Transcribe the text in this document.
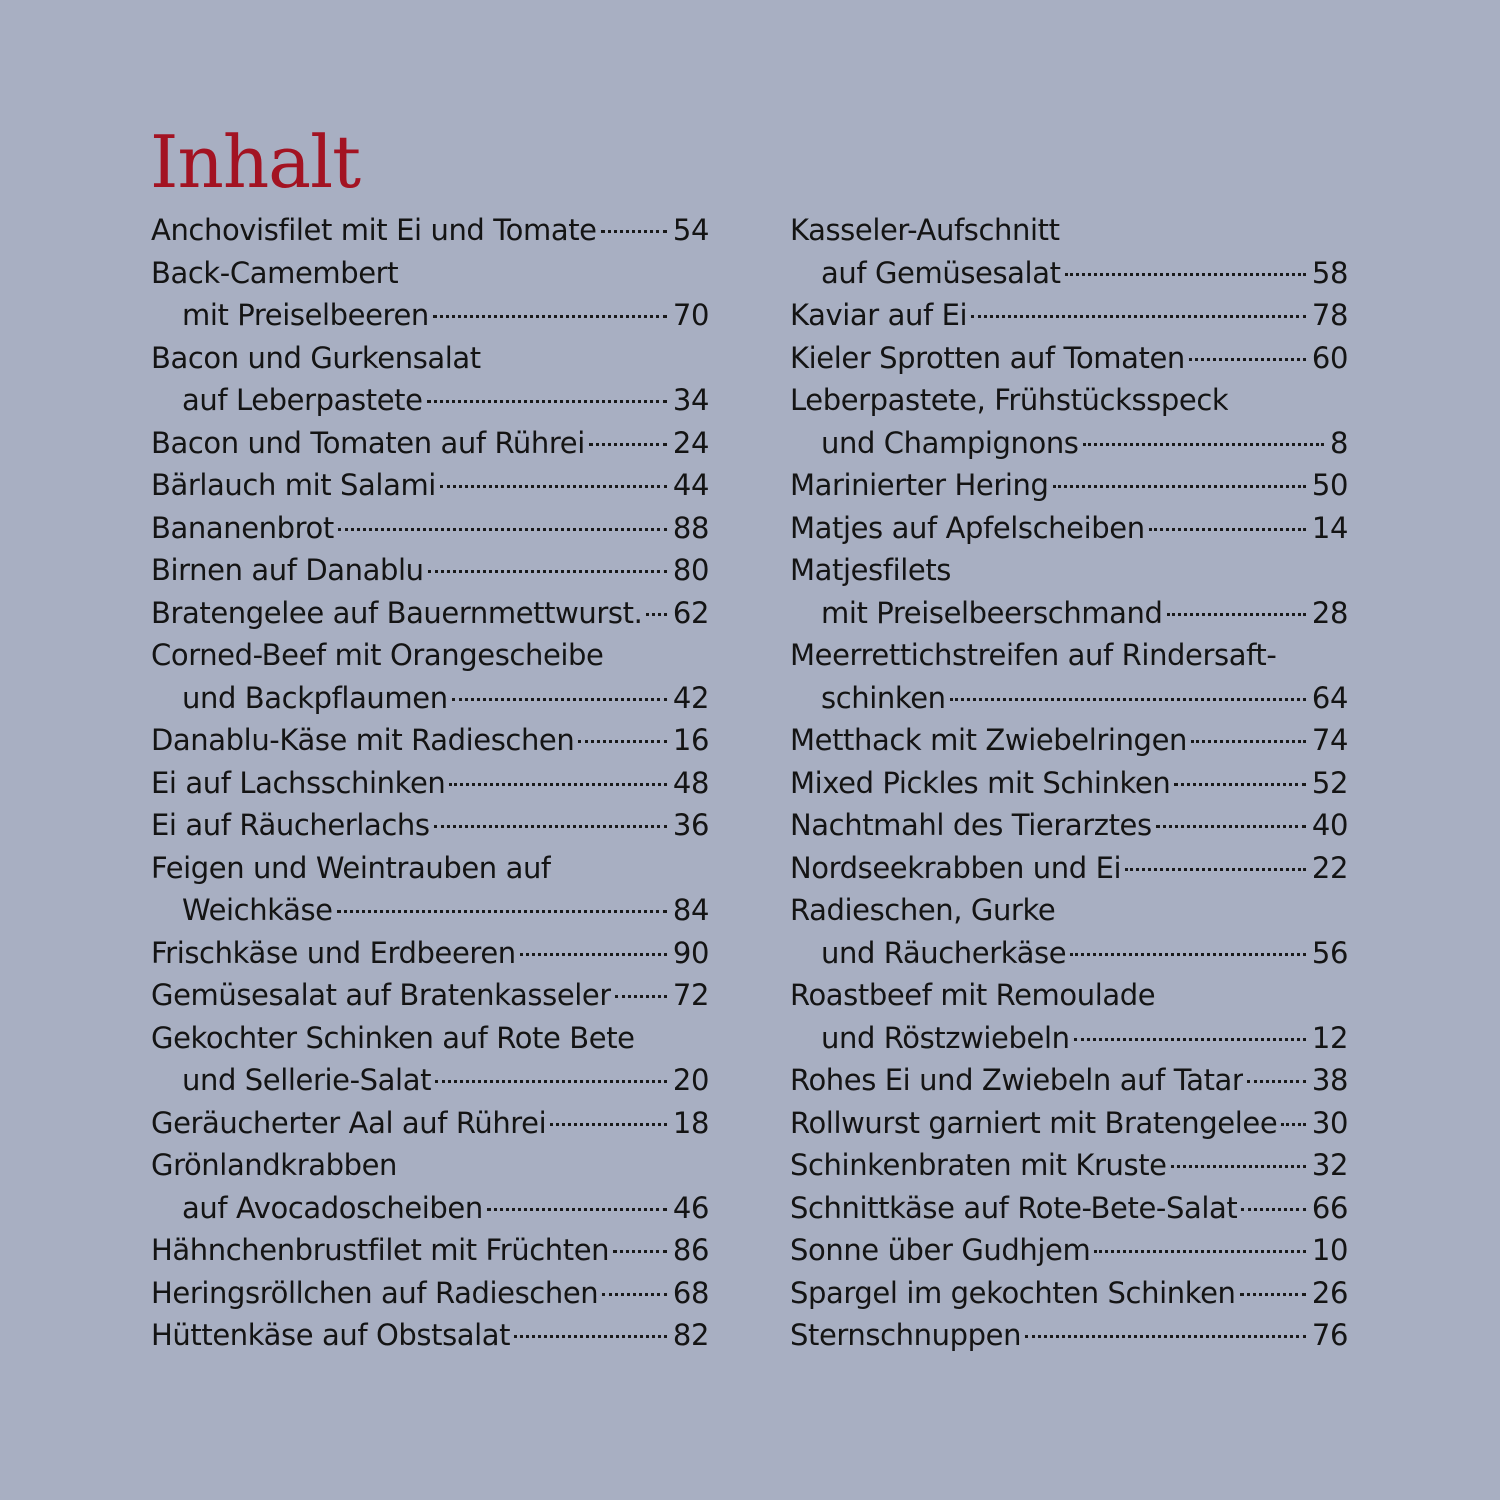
Inhalt
Anchovisfilet mit Ei und Tomate	54
Back-Camembert
mit Preiselbeeren	70
Bacon und Gurkensalat
auf Leberpastete	34
Bacon und Tomaten auf Rührei	24
Bärlauch mit Salami	44
Bananenbrot	88
Birnen auf Danablu	80
Bratengelee auf Bauernmettwurst. 62
Corned-Beef mit Orangescheibe
und Backpflaumen	42
Danablu-Käse mit Radieschen	16
Ei auf Lachsschinken	48
Ei auf Räucherlachs	36
Feigen und Weintrauben auf
Weichkäse	84
Frischkäse und Erdbeeren	90
Gemüsesalat auf Bratenkasseler 72
Gekochter Schinken auf Rote Bete
und Sellerie-Salat	20
Geräucherter Aal auf Rührei	18
Grönlandkrabben
auf Avocadoscheiben	46
Hähnchenbrustfilet mit Früchten 86
Heringsröllchen auf Radieschen	68
Hüttenkäse auf Obstsalat	82
Kasseler-Aufschnitt
auf Gemüsesalat	58
Kaviar auf Ei	78
Kieler Sprotten auf Tomaten	60
Leberpastete, Frühstücksspeck
und Champignons	8
Marinierter Hering	50
Matjes auf Apfelscheiben	14
Matjesfilets
mit Preiselbeerschmand	28
Meerrettichstreifen auf Rindersaft-
schinken	64
Metthack mit Zwiebelringen	74
Mixed Pickles mit Schinken	52
Nachtmahl des Tierarztes	40
Nordseekrabben und Ei	22
Radieschen, Gurke
und Räucherkäse	56
Roastbeef mit Remoulade
und Röstzwiebeln	12
Rohes Ei und Zwiebeln auf Tatar 38
Rollwurst garniert mit Bratengelee 30
Schinkenbraten mit Kruste	32
Schnittkäse auf Rote-Bete-Salat	66
Sonne über Gudhjem	10
Spargel im gekochten Schinken	26
Sternschnuppen	76
